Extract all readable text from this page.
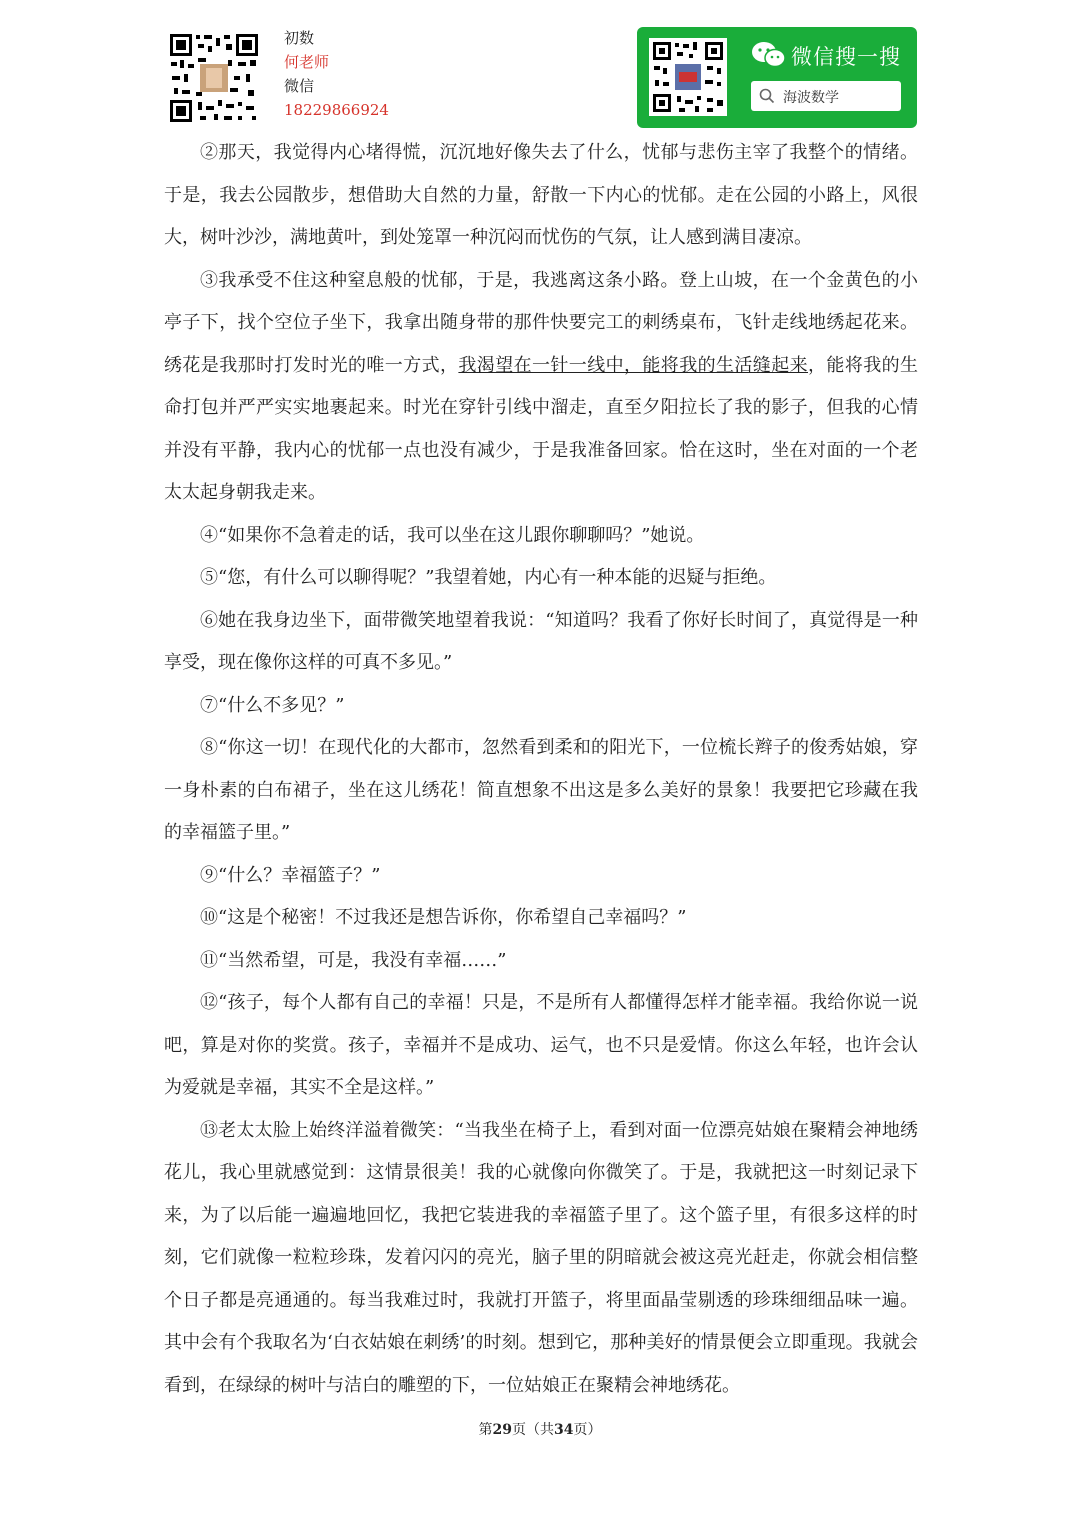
初数
何老师
微信
18229866924
微信搜一搜
海波数学

②那天，我觉得内心堵得慌，沉沉地好像失去了什么，忧郁与悲伤主宰了我整个的情绪。于是，我去公园散步，想借助大自然的力量，舒散一下内心的忧郁。走在公园的小路上，风很大，树叶沙沙，满地黄叶，到处笼罩一种沉闷而忧伤的气氛，让人感到满目凄凉。

③我承受不住这种窒息般的忧郁，于是，我逃离这条小路。登上山坡，在一个金黄色的小亭子下，找个空位子坐下，我拿出随身带的那件快要完工的刺绣桌布，飞针走线地绣起花来。绣花是我那时打发时光的唯一方式，我渴望在一针一线中，能将我的生活缝起来，能将我的生命打包并严严实实地裹起来。时光在穿针引线中溜走，直至夕阳拉长了我的影子，但我的心情并没有平静，我内心的忧郁一点也没有减少，于是我准备回家。恰在这时，坐在对面的一个老太太起身朝我走来。

④“如果你不急着走的话，我可以坐在这儿跟你聊聊吗？”她说。

⑤“您，有什么可以聊得呢？”我望着她，内心有一种本能的迟疑与拒绝。

⑥她在我身边坐下，面带微笑地望着我说：“知道吗？我看了你好长时间了，真觉得是一种享受，现在像你这样的可真不多见。”

⑦“什么不多见？”

⑧“你这一切！在现代化的大都市，忽然看到柔和的阳光下，一位梳长辫子的俊秀姑娘，穿一身朴素的白布裙子，坐在这儿绣花！简直想象不出这是多么美好的景象！我要把它珍藏在我的幸福篮子里。”

⑨“什么？幸福篮子？”

⑩“这是个秘密！不过我还是想告诉你，你希望自己幸福吗？”

⑪“当然希望，可是，我没有幸福……”

⑫“孩子，每个人都有自己的幸福！只是，不是所有人都懂得怎样才能幸福。我给你说一说吧，算是对你的奖赏。孩子，幸福并不是成功、运气，也不只是爱情。你这么年轻，也许会认为爱就是幸福，其实不全是这样。”

⑬老太太脸上始终洋溢着微笑：“当我坐在椅子上，看到对面一位漂亮姑娘在聚精会神地绣花儿，我心里就感觉到：这情景很美！我的心就像向你微笑了。于是，我就把这一时刻记录下来，为了以后能一遍遍地回忆，我把它装进我的幸福篮子里了。这个篮子里，有很多这样的时刻，它们就像一粒粒珍珠，发着闪闪的亮光，脑子里的阴暗就会被这亮光赶走，你就会相信整个日子都是亮通通的。每当我难过时，我就打开篮子，将里面晶莹剔透的珍珠细细品味一遍。其中会有个我取名为‘白衣姑娘在刺绣’的时刻。想到它，那种美好的情景便会立即重现。我就会看到，在绿绿的树叶与洁白的雕塑的下，一位姑娘正在聚精会神地绣花。

第29页（共34页）
